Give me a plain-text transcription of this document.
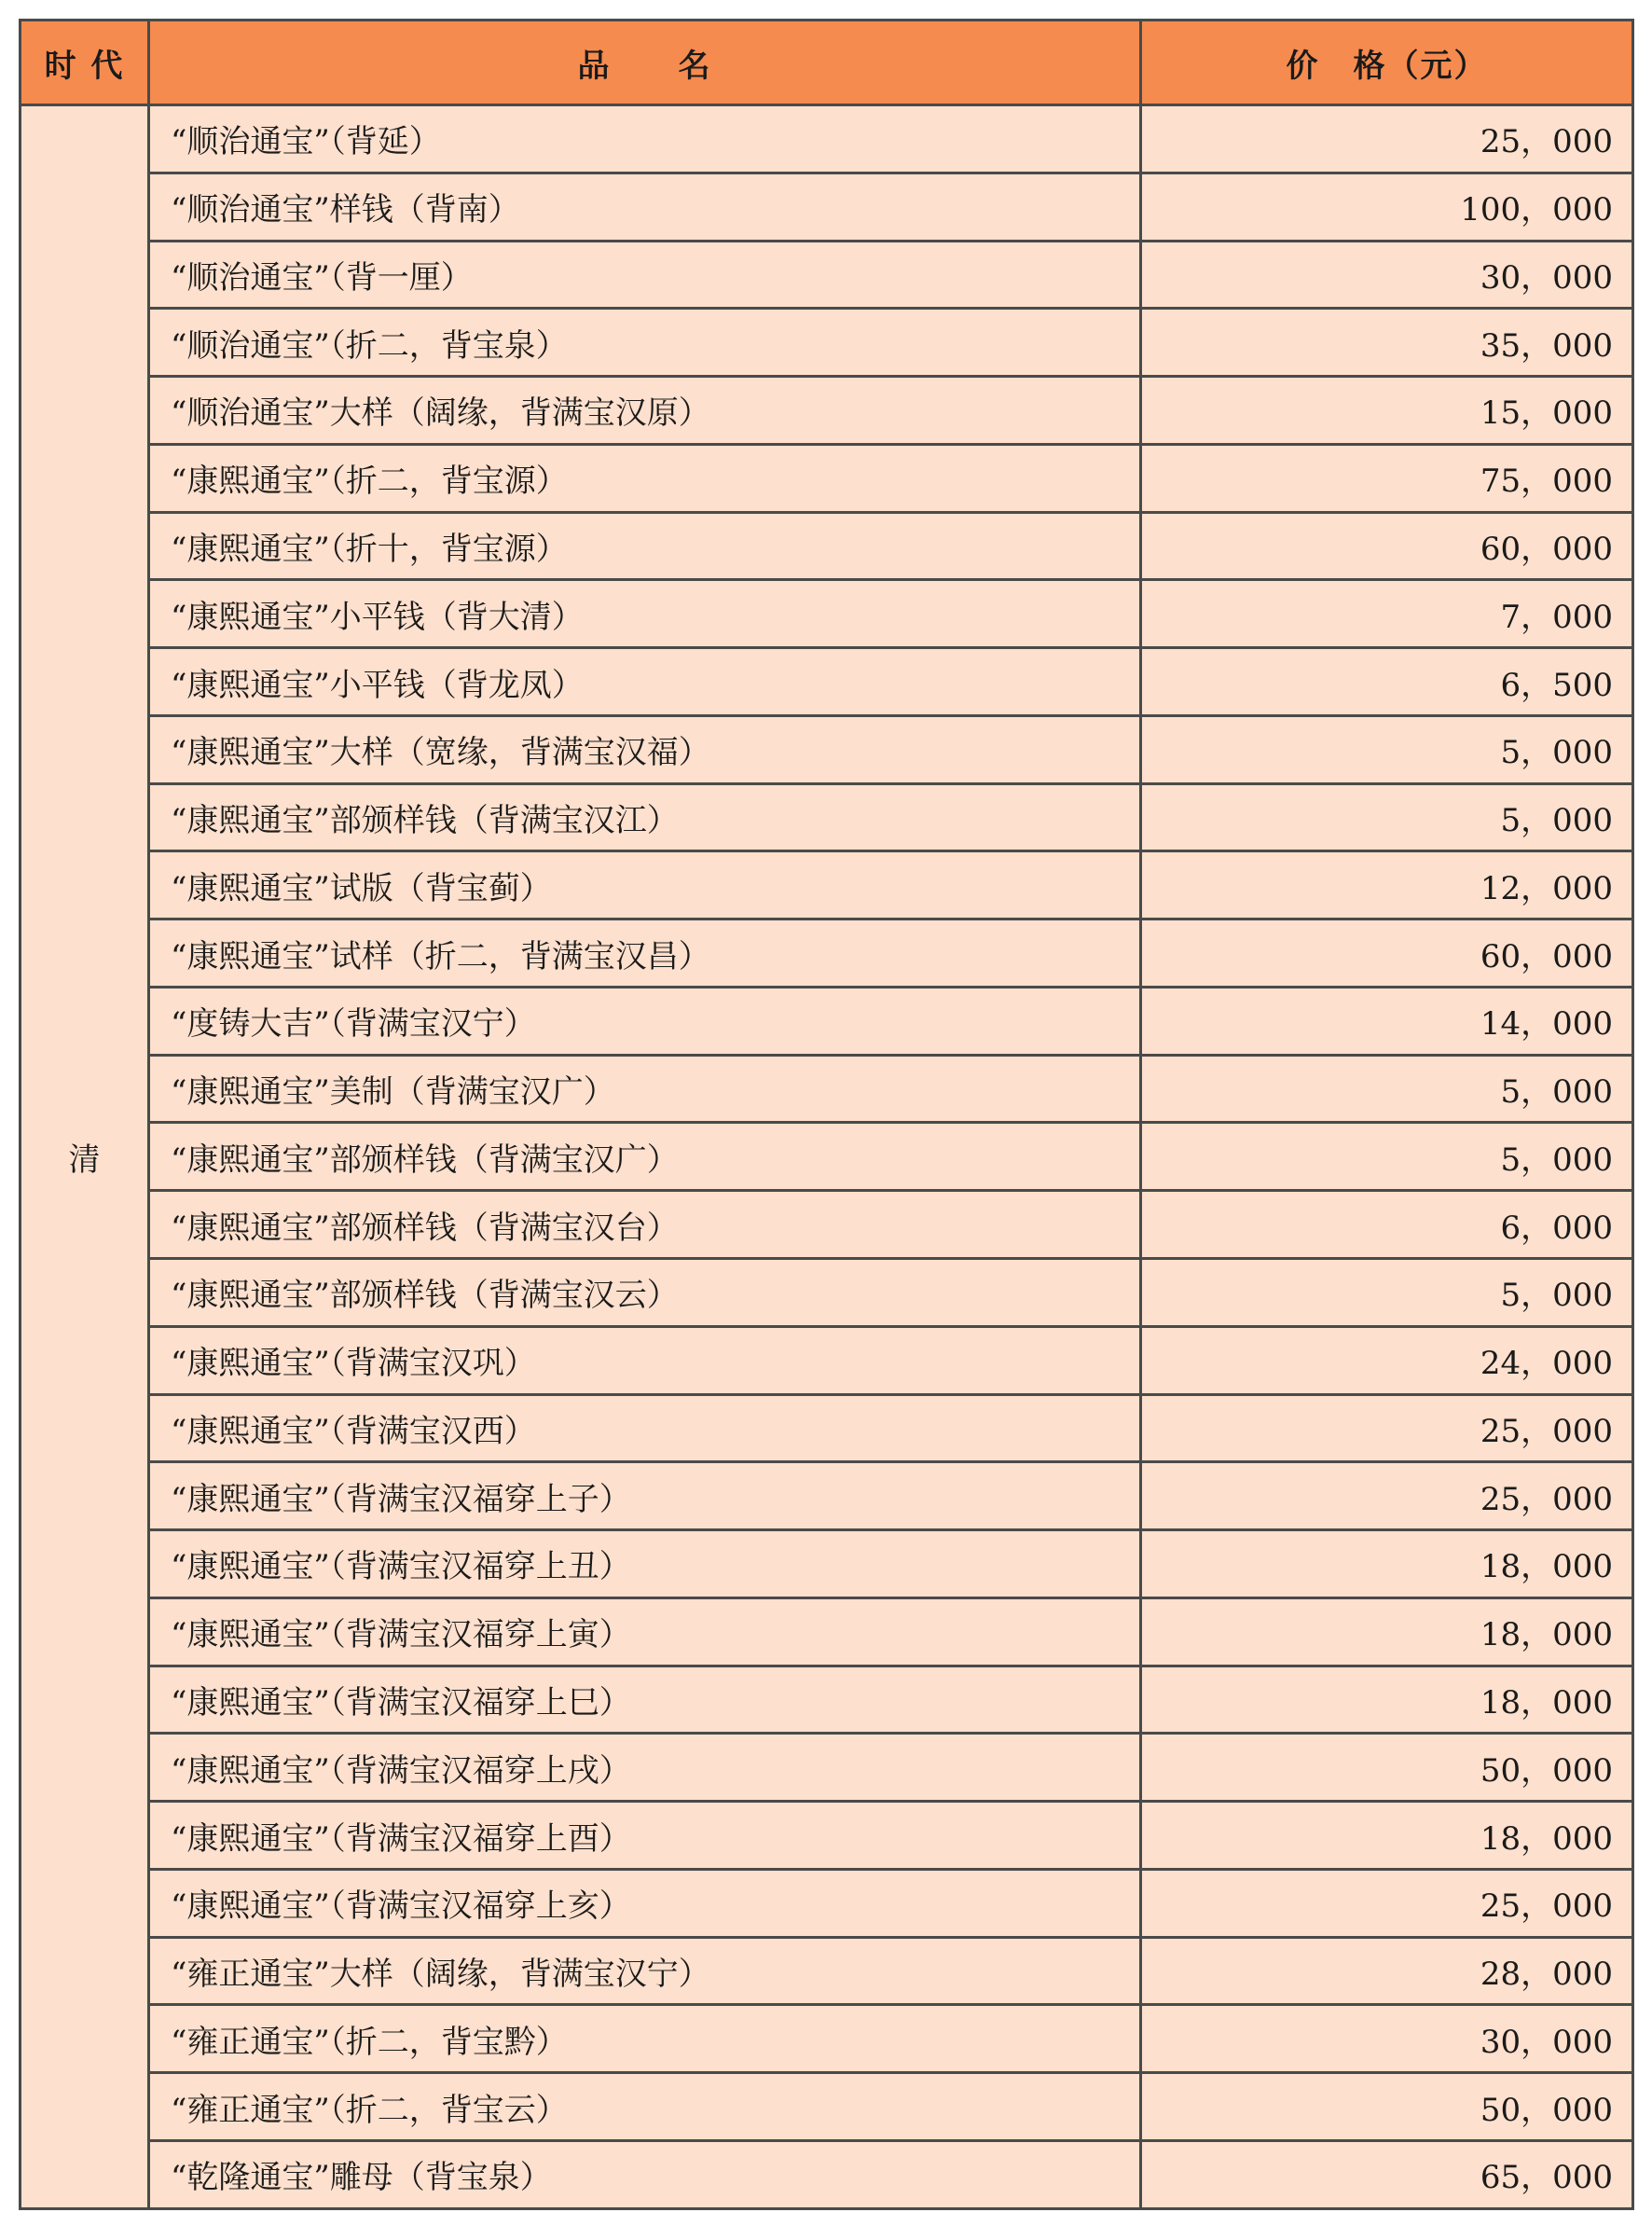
时 代	品　　名	价　格（元）
清	“顺治通宝”（背延）	25，000
	“顺治通宝”样钱（背南）	100，000
	“顺治通宝”（背一厘）	30，000
	“顺治通宝”（折二，背宝泉）	35，000
	“顺治通宝”大样（阔缘，背满宝汉原）	15，000
	“康熙通宝”（折二，背宝源）	75，000
	“康熙通宝”（折十，背宝源）	60，000
	“康熙通宝”小平钱（背大清）	7，000
	“康熙通宝”小平钱（背龙凤）	6，500
	“康熙通宝”大样（宽缘，背满宝汉福）	5，000
	“康熙通宝”部颁样钱（背满宝汉江）	5，000
	“康熙通宝”试版（背宝蓟）	12，000
	“康熙通宝”试样（折二，背满宝汉昌）	60，000
	“度铸大吉”（背满宝汉宁）	14，000
	“康熙通宝”美制（背满宝汉广）	5，000
	“康熙通宝”部颁样钱（背满宝汉广）	5，000
	“康熙通宝”部颁样钱（背满宝汉台）	6，000
	“康熙通宝”部颁样钱（背满宝汉云）	5，000
	“康熙通宝”（背满宝汉巩）	24，000
	“康熙通宝”（背满宝汉西）	25，000
	“康熙通宝”（背满宝汉福穿上子）	25，000
	“康熙通宝”（背满宝汉福穿上丑）	18，000
	“康熙通宝”（背满宝汉福穿上寅）	18，000
	“康熙通宝”（背满宝汉福穿上巳）	18，000
	“康熙通宝”（背满宝汉福穿上戌）	50，000
	“康熙通宝”（背满宝汉福穿上酉）	18，000
	“康熙通宝”（背满宝汉福穿上亥）	25，000
	“雍正通宝”大样（阔缘，背满宝汉宁）	28，000
	“雍正通宝”（折二，背宝黔）	30，000
	“雍正通宝”（折二，背宝云）	50，000
	“乾隆通宝”雕母（背宝泉）	65，000
